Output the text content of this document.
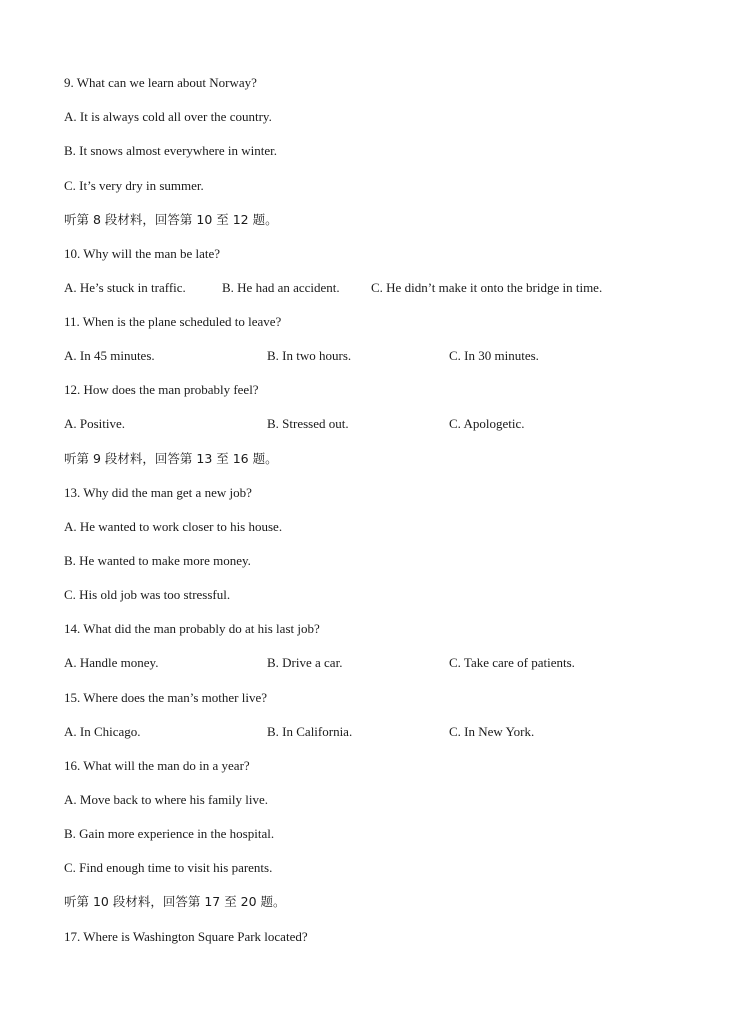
9. What can we learn about Norway?
A. It is always cold all over the country.
B. It snows almost everywhere in winter.
C. It’s very dry in summer.
听第 8 段材料，回答第 10 至 12 题。
10. Why will the man be late?
A. He’s stuck in traffic.	B. He had an accident. C. He didn’t make it onto the bridge in time.
11. When is the plane scheduled to leave?
A. In 45 minutes.	B. In two hours.	C. In 30 minutes.
12. How does the man probably feel?
A. Positive.	B. Stressed out.	C. Apologetic.
听第 9 段材料，回答第 13 至 16 题。
13. Why did the man get a new job?
A. He wanted to work closer to his house.
B. He wanted to make more money.
C. His old job was too stressful.
14. What did the man probably do at his last job?
A. Handle money.	B. Drive a car.	C. Take care of patients.
15. Where does the man’s mother live?
A. In Chicago.	B. In California.	C. In New York.
16. What will the man do in a year?
A. Move back to where his family live.
B. Gain more experience in the hospital.
C. Find enough time to visit his parents.
听第 10 段材料，回答第 17 至 20 题。
17. Where is Washington Square Park located?
